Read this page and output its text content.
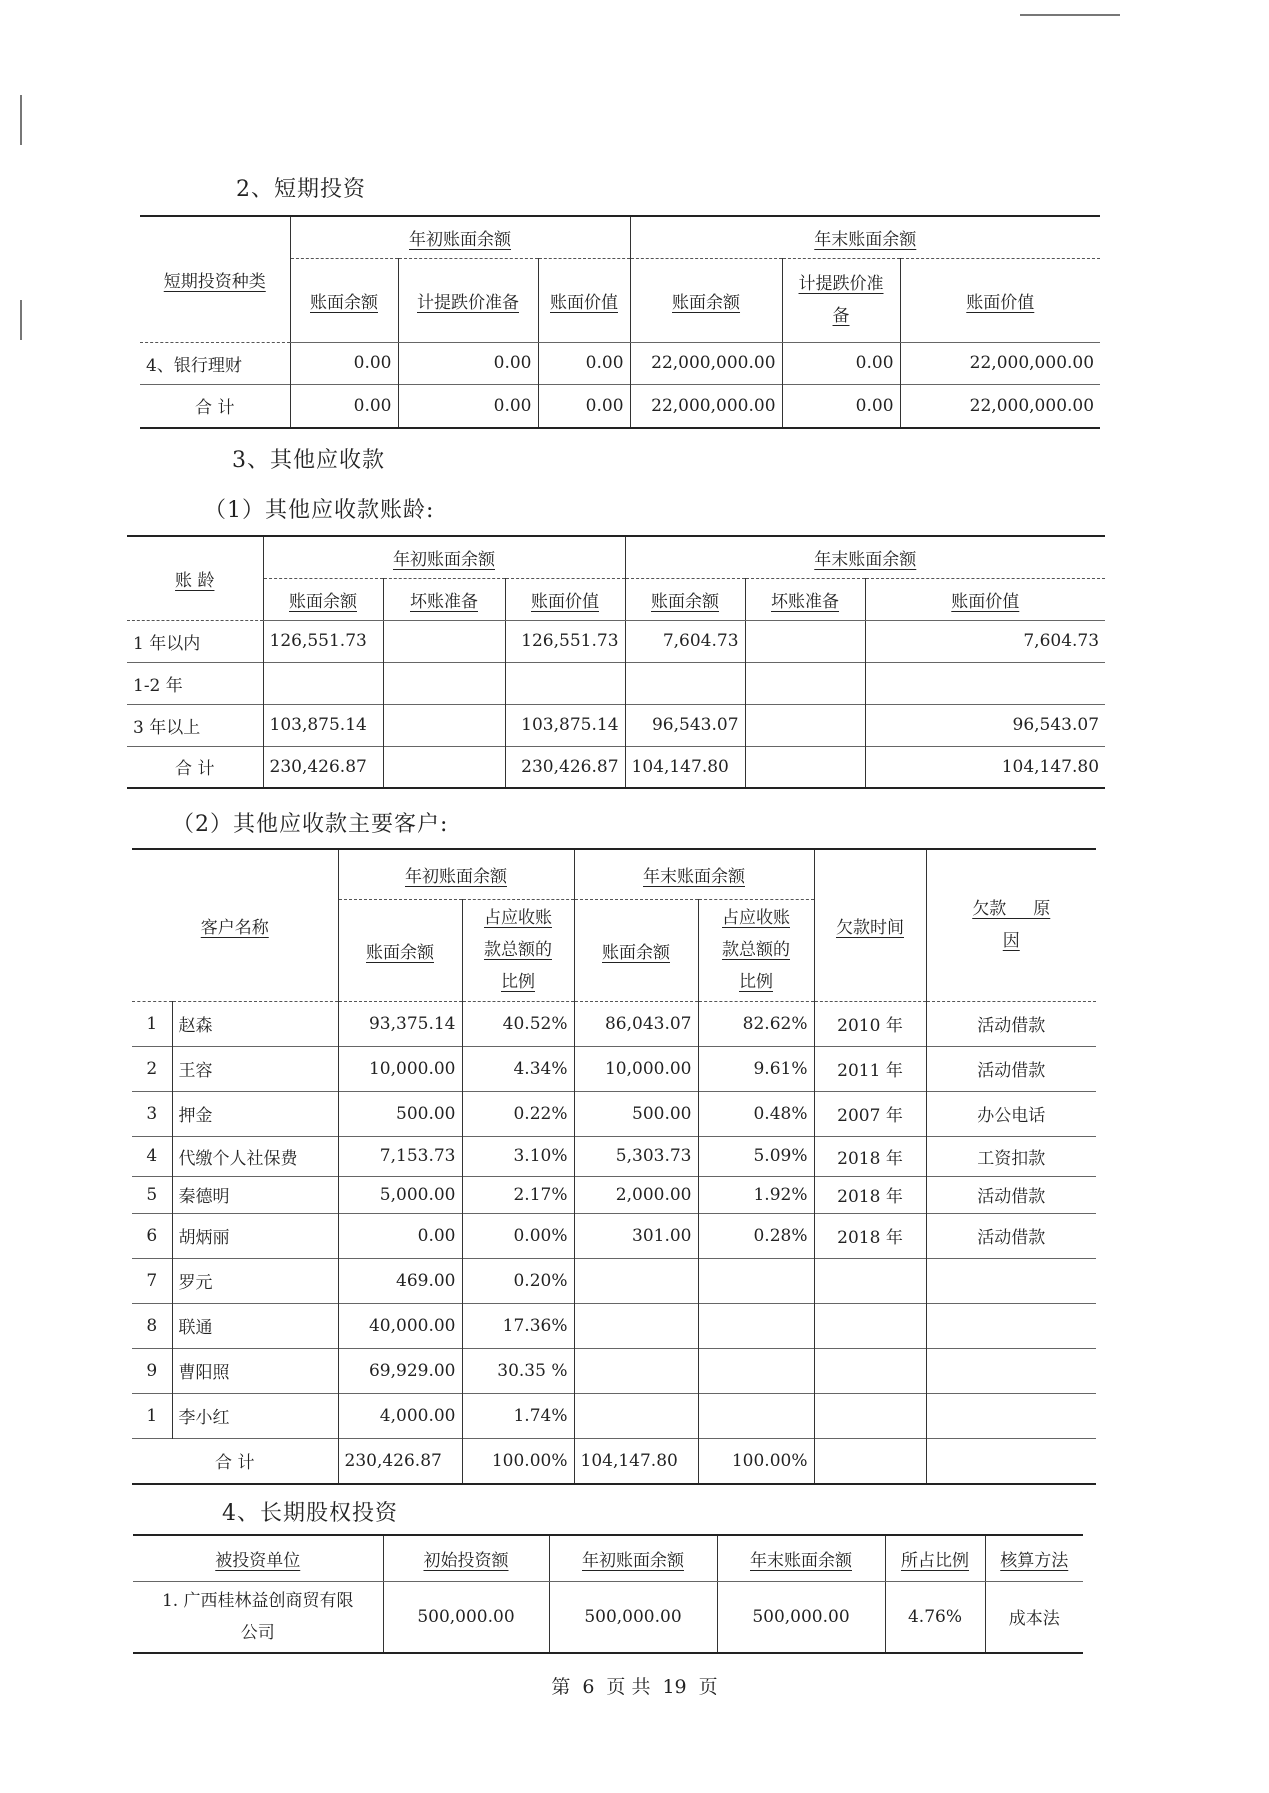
2、短期投资
短期投资种类	年初账面余额			年末账面余额		
	账面余额	计提跌价准备	账面价值	账面余额	计提跌价准
备	账面价值
4、银行理财	0.00	0.00	0.00	22,000,000.00	0.00	22,000,000.00
合 计	0.00	0.00	0.00	22,000,000.00	0.00	22,000,000.00
3、其他应收款
（1）其他应收款账龄:
账 龄	年初账面余额			年末账面余额		
	账面余额	坏账准备	账面价值	账面余额	坏账准备	账面价值
1 年以内	126,551.73		126,551.73	7,604.73		7,604.73
1-2 年						
3 年以上	103,875.14		103,875.14	96,543.07		96,543.07
合 计	230,426.87		230,426.87	104,147.80		104,147.80
（2）其他应收款主要客户:
客户名称		年初账面余额		年末账面余额		欠款时间	欠款     原
因
		账面余额	占应收账
款总额的
比例	账面余额	占应收账
款总额的
比例		
1	赵森	93,375.14	40.52%	86,043.07	82.62%	2010 年	活动借款
2	王容	10,000.00	4.34%	10,000.00	9.61%	2011 年	活动借款
3	押金	500.00	0.22%	500.00	0.48%	2007 年	办公电话
4	代缴个人社保费	7,153.73	3.10%	5,303.73	5.09%	2018 年	工资扣款
5	秦德明	5,000.00	2.17%	2,000.00	1.92%	2018 年	活动借款
6	胡炳丽	0.00	0.00%	301.00	0.28%	2018 年	活动借款
7	罗元	469.00	0.20%				
8	联通	40,000.00	17.36%				
9	曹阳照	69,929.00	30.35 %				
1	李小红	4,000.00	1.74%				
合 计		230,426.87	100.00%	104,147.80	100.00%		
4、长期股权投资
被投资单位	初始投资额	年初账面余额	年末账面余额	所占比例	核算方法
1. 广西桂林益创商贸有限
公司	500,000.00	500,000.00	500,000.00	4.76%	成本法
第 6 页 共 19 页
